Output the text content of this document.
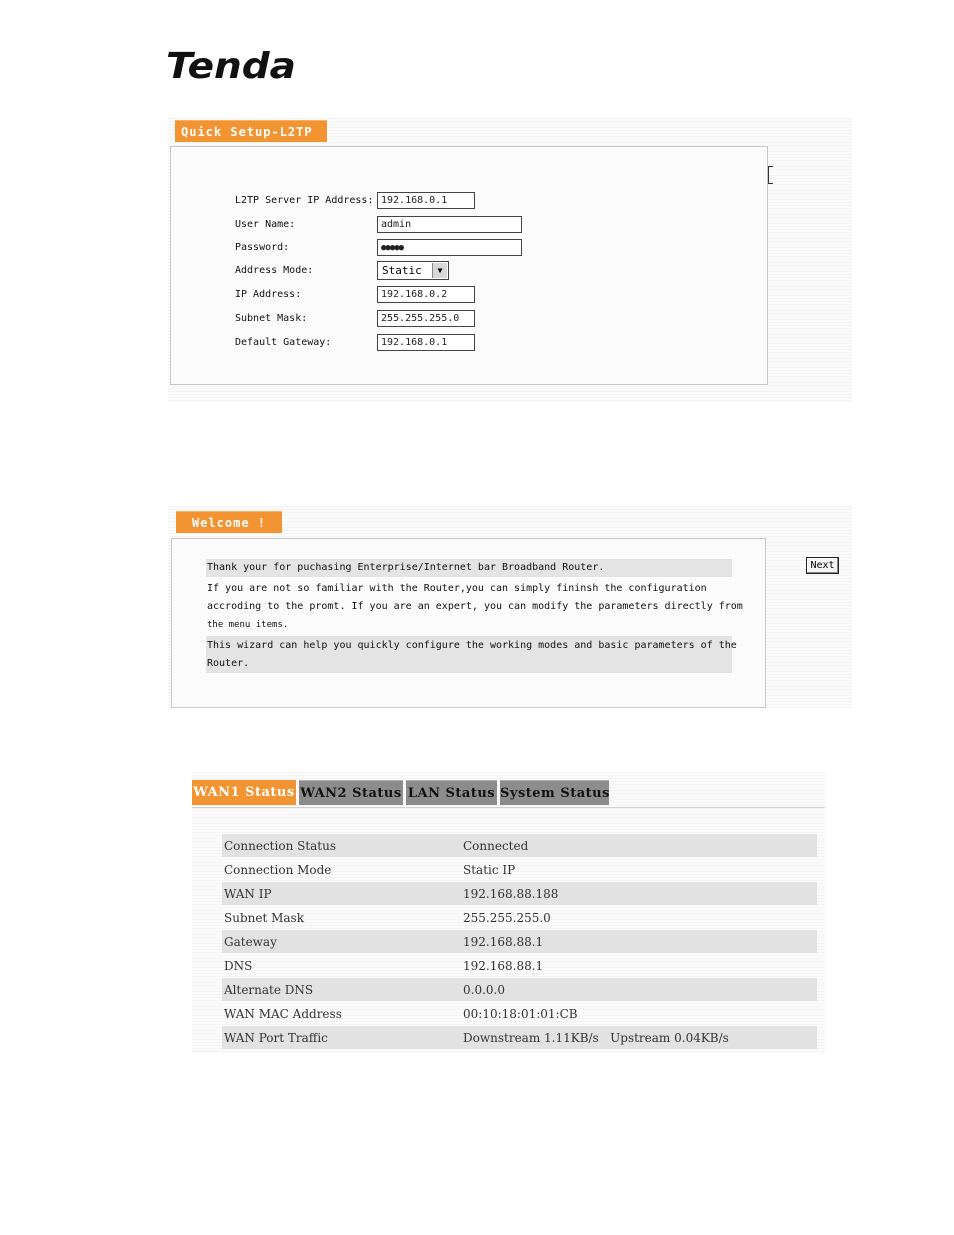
Tenda
Quick Setup-L2TP
L2TP Server IP Address: 192.168.0.1
User Name:	admin
Password:	●●●●●
Address Mode:	Static	▼
IP Address:	192.168.0.2
Subnet Mask:	255.255.255.0
Default Gateway:	192.168.0.1
Welcome !
Thank your for puchasing Enterprise/Internet bar Broadband Router.
If you are not so familiar with the Router,you can simply fininsh the configuration
accroding to the promt. If you are an expert, you can modify the parameters directly from
the menu items.
This wizard can help you quickly configure the working modes and basic parameters of the
Router.
Next
WAN1 Status WAN2 Status LAN Status System Status
Connection Status	Connected
Connection Mode	Static IP
WAN IP	192.168.88.188
Subnet Mask	255.255.255.0
Gateway	192.168.88.1
DNS	192.168.88.1
Alternate DNS	0.0.0.0
WAN MAC Address	00:10:18:01:01:CB
WAN Port Traffic	Downstream 1.11KB/s   Upstream 0.04KB/s
